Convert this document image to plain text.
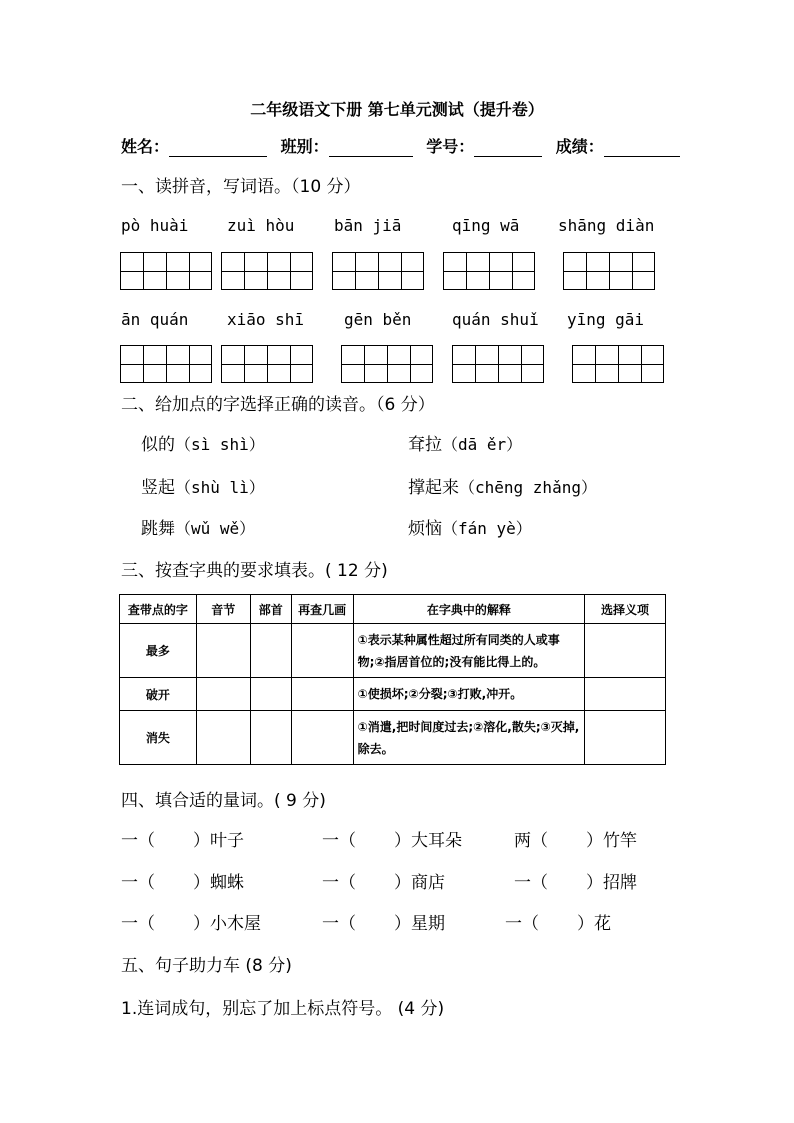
二年级语文下册 第七单元测试（提升卷）
姓名：	班别：	学号：	成绩：
一、读拼音，写词语。（10 分）
pò huài zuì hòu bān jiā	qīng wā shāng diàn
ān quán xiāo shī gēn běn	quán shuǐ yīng gāi
二、给加点的字选择正确的读音。（6 分）
似的（sì shì）	耷拉（dā ěr）
竖起（shù lì）	撑起来（chēng zhǎng）
跳舞（wǔ wě）	烦恼（fán yè）
三、按查字典的要求填表。( 12 分)
查带点的字	音节	部首	再查几画	在字典中的解释	选择义项
最多				①表示某种属性超过所有同类的人或事物;②指居首位的;没有能比得上的。	
破开				①使损坏;②分裂;③打败,冲开。	
消失				①消遣,把时间度过去;②溶化,散失;③灭掉,除去。	
四、填合适的量词。( 9 分)
一（ ）叶子	一（ ）大耳朵	两（ ）竹竿
一（ ）蜘蛛	一（ ）商店	一（ ）招牌
一（ ）小木屋	一（ ）星期	一（ ）花
五、句子助力车 (8 分)
1.连词成句，别忘了加上标点符号。 (4 分)
